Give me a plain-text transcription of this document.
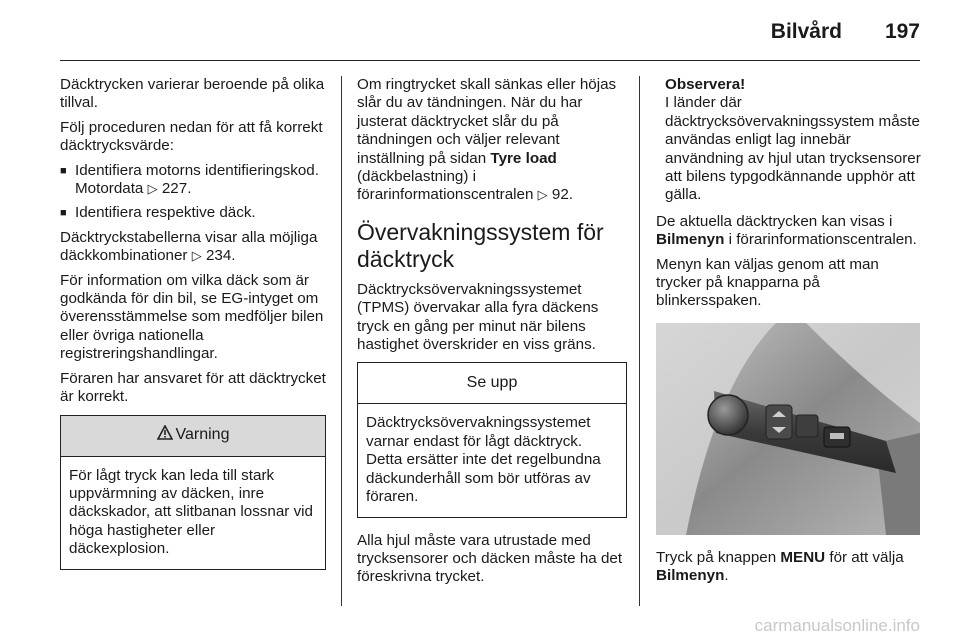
Bilvård 197

Däcktrycken varierar beroende på olika tillval.

Följ proceduren nedan för att få korrekt däcktrycksvärde:

■ Identifiera motorns identifieringskod. Motordata ▷ 227.
■ Identifiera respektive däck.

Däcktryckstabellerna visar alla möjliga däckkombinationer ▷ 234.

För information om vilka däck som är godkända för din bil, se EG-intyget om överensstämmelse som medföljer bilen eller övriga nationella registreringshandlingar.

Föraren har ansvaret för att däcktrycket är korrekt.

Varning
För lågt tryck kan leda till stark uppvärmning av däcken, inre däckskador, att slitbanan lossnar vid höga hastigheter eller däckexplosion.

Om ringtrycket skall sänkas eller höjas slår du av tändningen. När du har justerat däcktrycket slår du på tändningen och väljer relevant inställning på sidan Tyre load (däckbelastning) i förarinformationscentralen ▷ 92.

Övervakningssystem för däcktryck

Däcktrycksövervakningssystemet (TPMS) övervakar alla fyra däckens tryck en gång per minut när bilens hastighet överskrider en viss gräns.

Se upp
Däcktrycksövervakningssystemet varnar endast för lågt däcktryck. Detta ersätter inte det regelbundna däckunderhåll som bör utföras av föraren.

Alla hjul måste vara utrustade med trycksensorer och däcken måste ha det föreskrivna trycket.

Observera!
I länder där däcktrycksövervakningssystem måste användas enligt lag innebär användning av hjul utan trycksensorer att bilens typgodkännande upphör att gälla.

De aktuella däcktrycken kan visas i Bilmenyn i förarinformationscentralen.

Menyn kan väljas genom att man trycker på knapparna på blinkersspaken.

Tryck på knappen MENU för att välja Bilmenyn.

carmanualsonline.info
